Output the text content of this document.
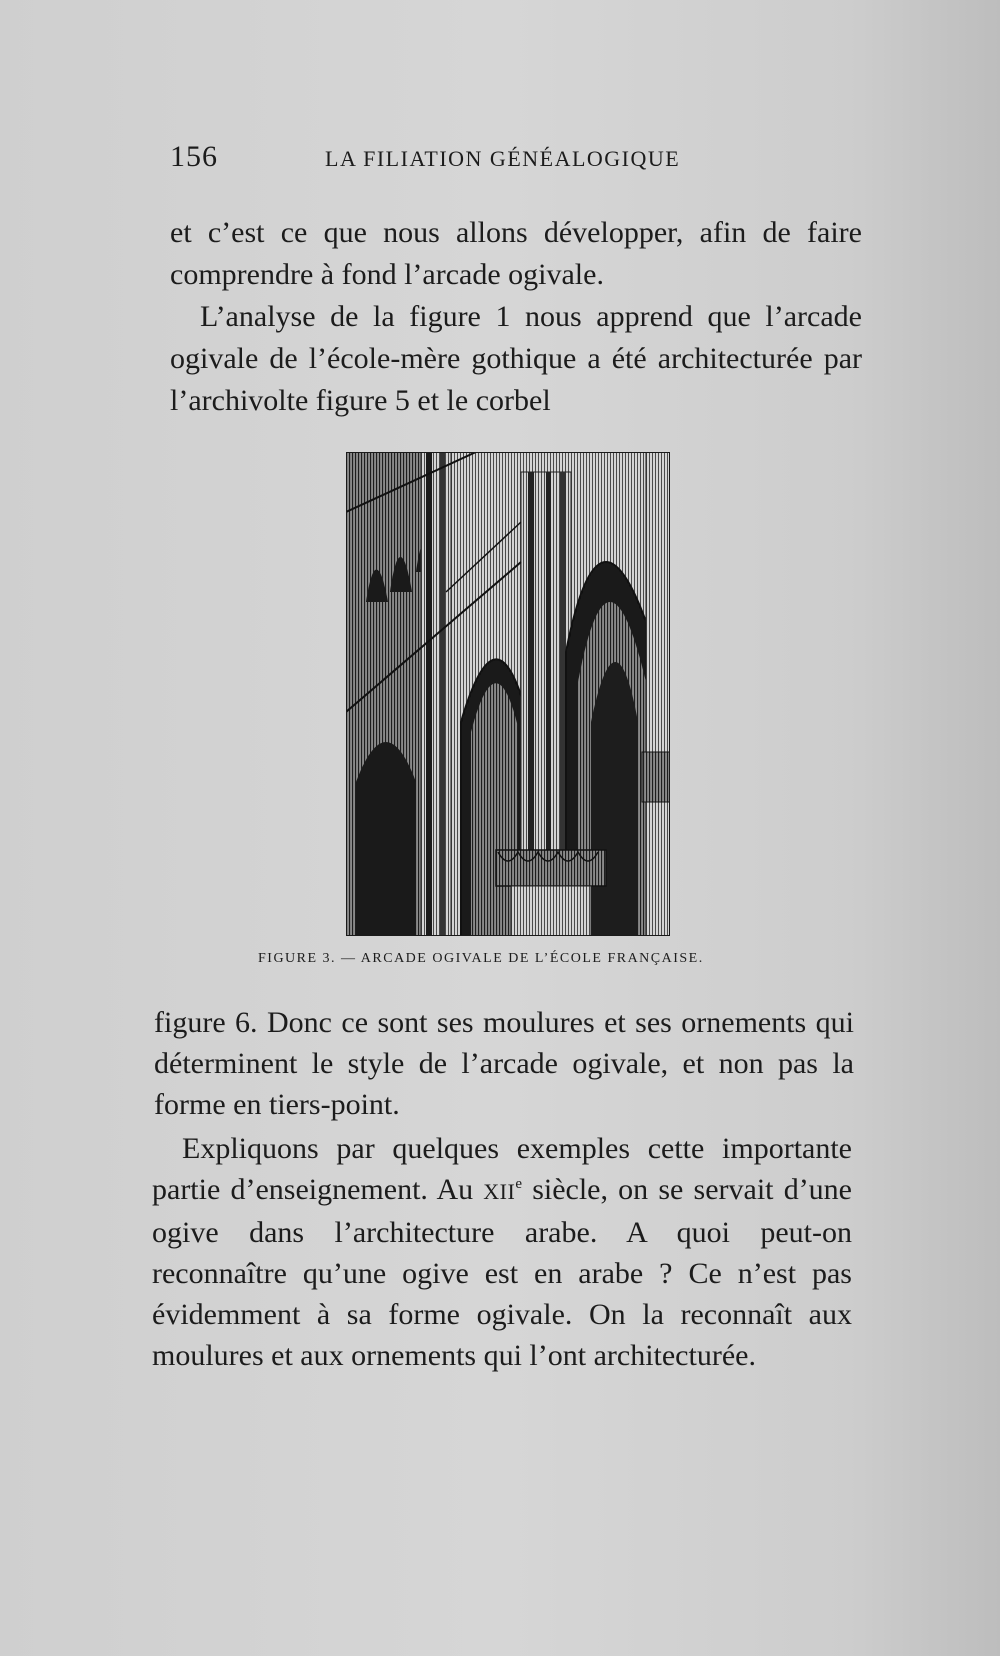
156	LA FILIATION GÉNÉALOGIQUE

et c’est ce que nous allons développer, afin de faire comprendre à fond l’arcade ogivale.

L’analyse de la figure 1 nous apprend que l’arcade ogivale de l’école-mère gothique a été architecturée par l’archivolte figure 5 et le corbel

FIGURE 3. — ARCADE OGIVALE DE L’ÉCOLE FRANÇAISE.

figure 6. Donc ce sont ses moulures et ses ornements qui déterminent le style de l’arcade ogivale, et non pas la forme en tiers-point.

Expliquons par quelques exemples cette importante partie d’enseignement. Au XIIe siècle, on se servait d’une ogive dans l’architecture arabe. A quoi peut-on reconnaître qu’une ogive est en arabe ? Ce n’est pas évidemment à sa forme ogivale. On la reconnaît aux moulures et aux ornements qui l’ont architecturée.
